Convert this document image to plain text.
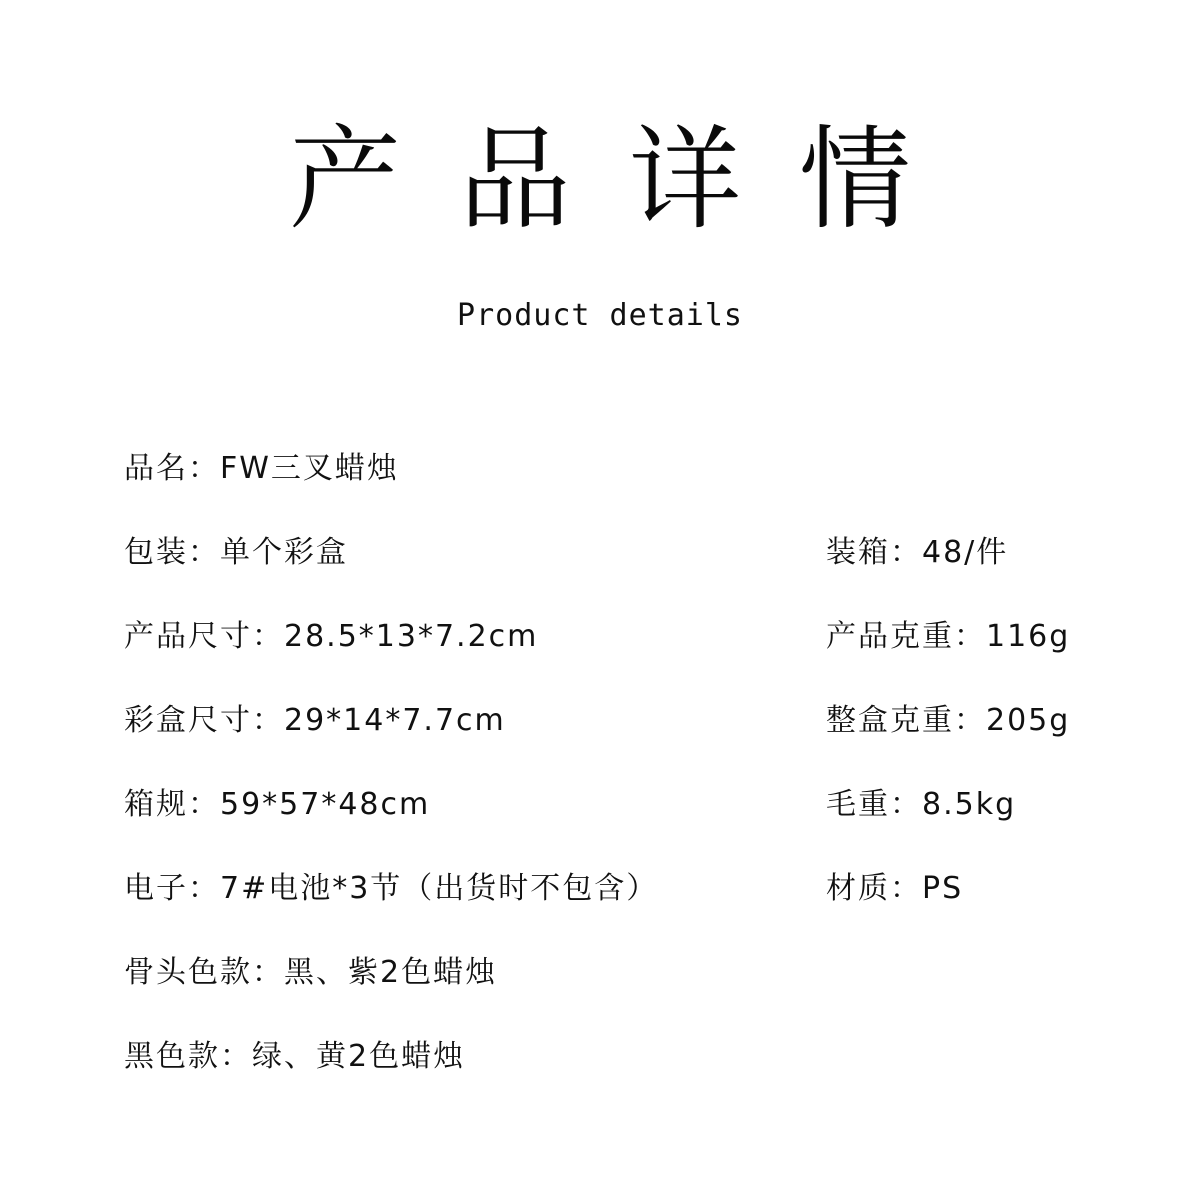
产品详情
Product details
品名：FW三叉蜡烛
包装：单个彩盒	装箱：48/件
产品尺寸：28.5*13*7.2cm	产品克重：116g
彩盒尺寸：29*14*7.7cm	整盒克重：205g
箱规：59*57*48cm	毛重：8.5kg
电子：7#电池*3节（出货时不包含）	材质：PS
骨头色款：黑、紫2色蜡烛
黑色款：绿、黄2色蜡烛
